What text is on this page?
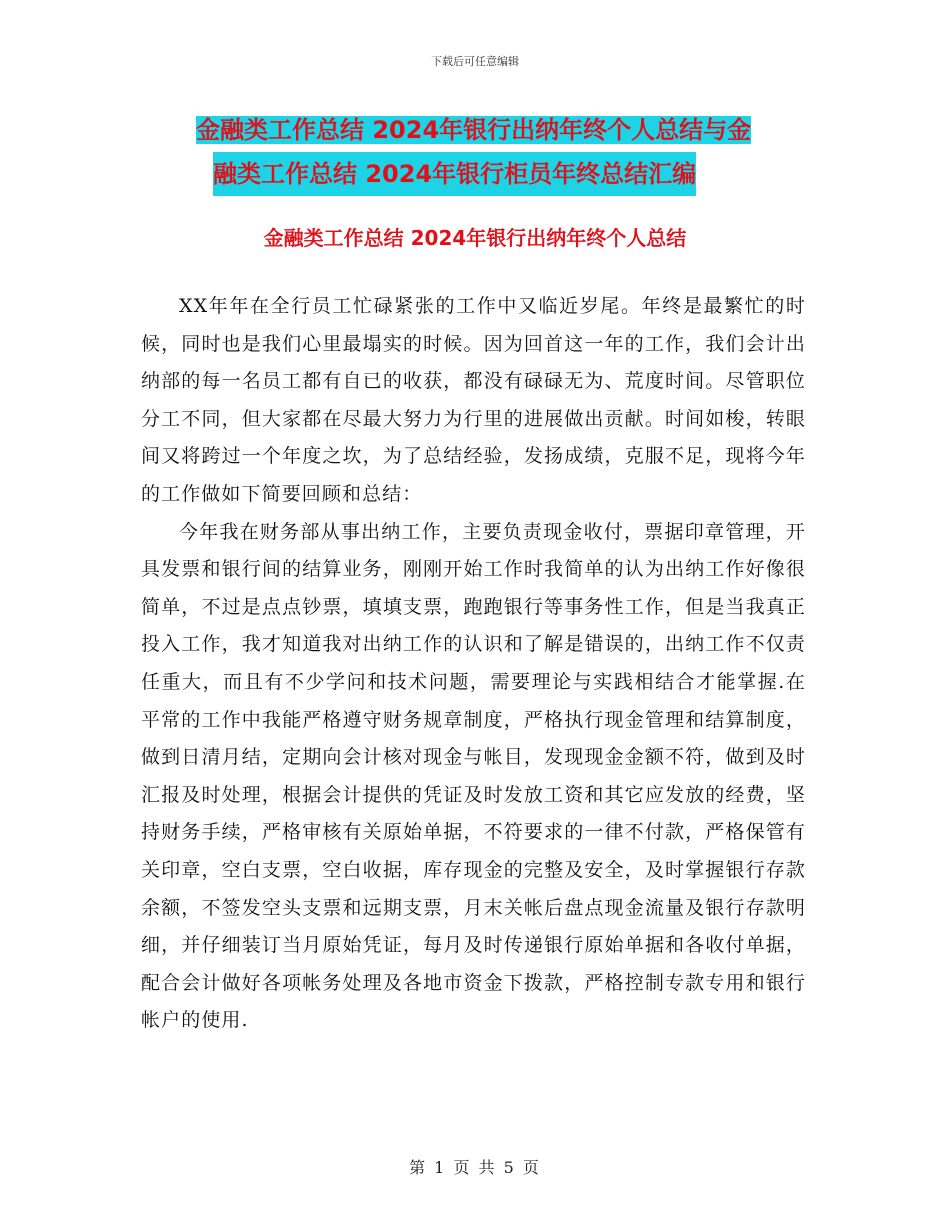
下载后可任意编辑
金融类工作总结 2024年银行出纳年终个人总结与金
融类工作总结 2024年银行柜员年终总结汇编
金融类工作总结 2024年银行出纳年终个人总结

XX年年在全行员工忙碌紧张的工作中又临近岁尾。年终是最繁忙的时候，同时也是我们心里最塌实的时候。因为回首这一年的工作，我们会计出纳部的每一名员工都有自已的收获，都没有碌碌无为、荒度时间。尽管职位分工不同，但大家都在尽最大努力为行里的进展做出贡献。时间如梭，转眼间又将跨过一个年度之坎，为了总结经验，发扬成绩，克服不足，现将今年的工作做如下简要回顾和总结：

今年我在财务部从事出纳工作，主要负责现金收付，票据印章管理，开具发票和银行间的结算业务，刚刚开始工作时我简单的认为出纳工作好像很简单，不过是点点钞票，填填支票，跑跑银行等事务性工作，但是当我真正投入工作，我才知道我对出纳工作的认识和了解是错误的，出纳工作不仅责任重大，而且有不少学问和技术问题，需要理论与实践相结合才能掌握.在平常的工作中我能严格遵守财务规章制度，严格执行现金管理和结算制度，做到日清月结，定期向会计核对现金与帐目，发现现金金额不符，做到及时汇报及时处理，根据会计提供的凭证及时发放工资和其它应发放的经费，坚持财务手续，严格审核有关原始单据，不符要求的一律不付款，严格保管有关印章，空白支票，空白收据，库存现金的完整及安全，及时掌握银行存款余额，不签发空头支票和远期支票，月末关帐后盘点现金流量及银行存款明细，并仔细装订当月原始凭证，每月及时传递银行原始单据和各收付单据，配合会计做好各项帐务处理及各地市资金下拨款，严格控制专款专用和银行帐户的使用.

第 1 页 共 5 页
